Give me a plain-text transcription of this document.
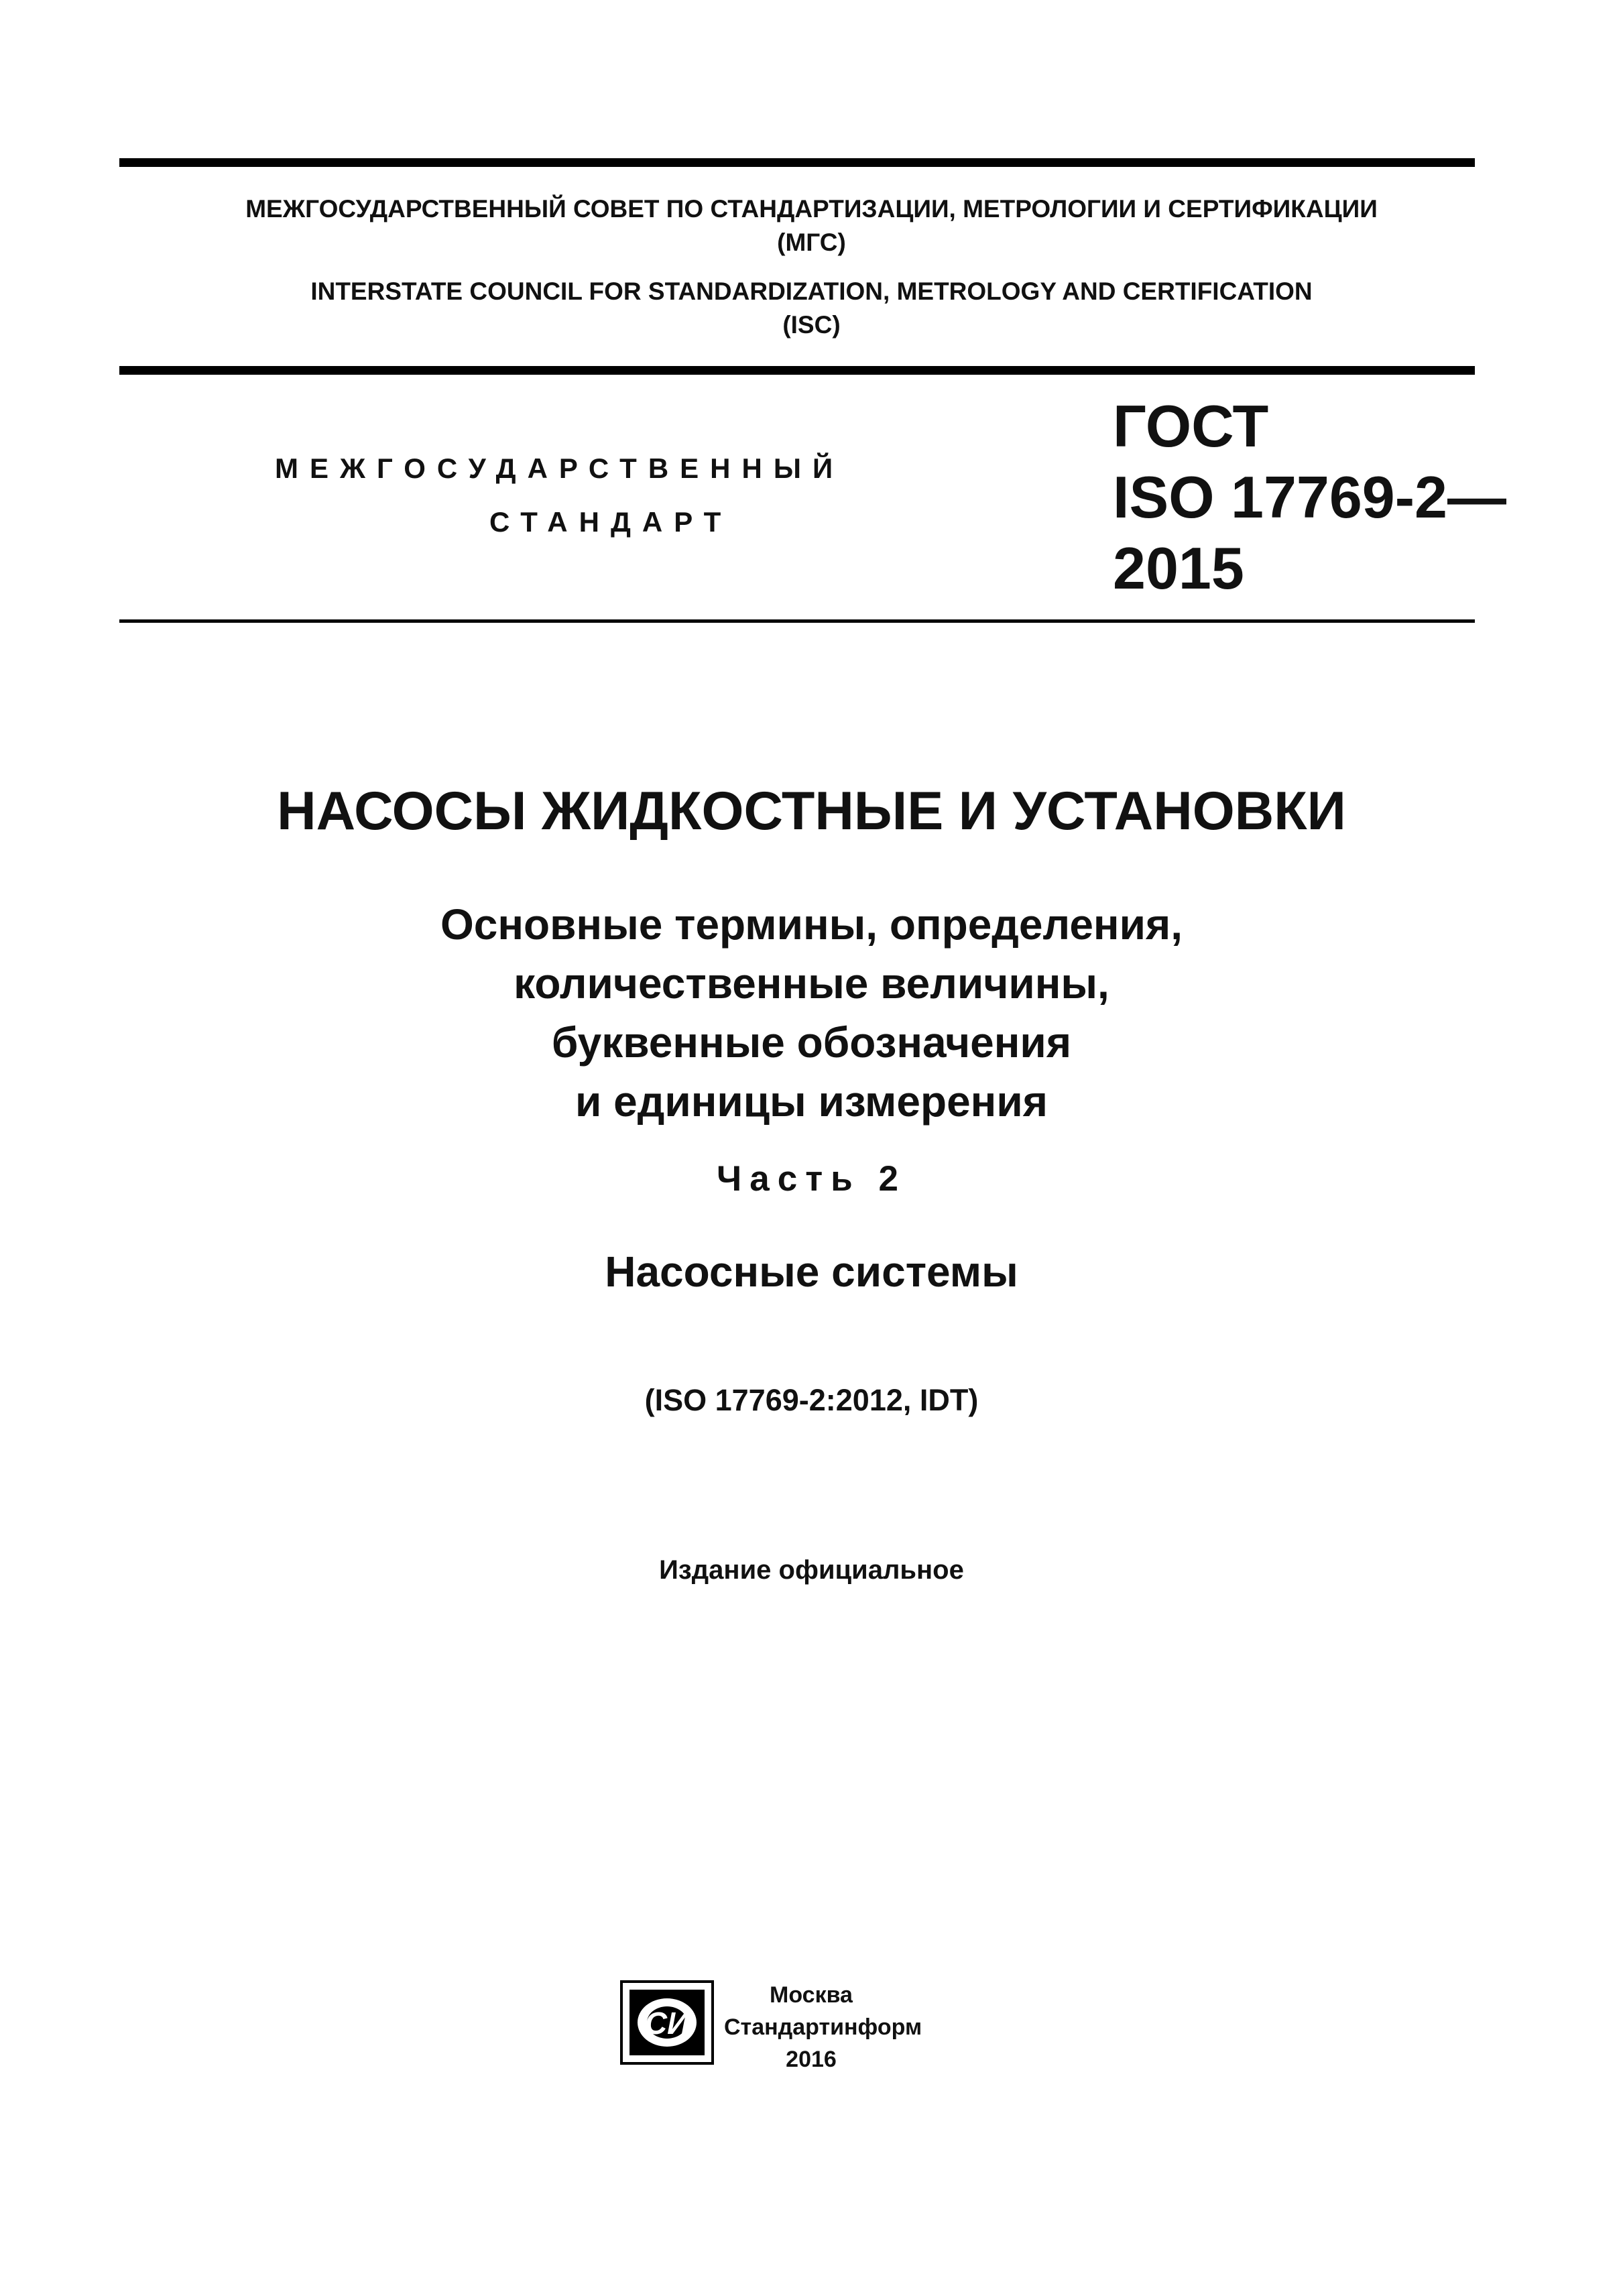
МЕЖГОСУДАРСТВЕННЫЙ СОВЕТ ПО СТАНДАРТИЗАЦИИ, МЕТРОЛОГИИ И СЕРТИФИКАЦИИ
(МГС)
INTERSTATE COUNCIL FOR STANDARDIZATION, METROLOGY AND CERTIFICATION
(ISC)
МЕЖГОСУДАРСТВЕННЫЙ
СТАНДАРТ
ГОСТ
ISO 17769-2—
2015
НАСОСЫ ЖИДКОСТНЫЕ И УСТАНОВКИ
Основные термины, определения,
количественные величины,
буквенные обозначения
и единицы измерения
Часть 2
Насосные системы
(ISO 17769-2:2012, IDT)
Издание официальное
СИ
Москва
Стандартинформ
2016
